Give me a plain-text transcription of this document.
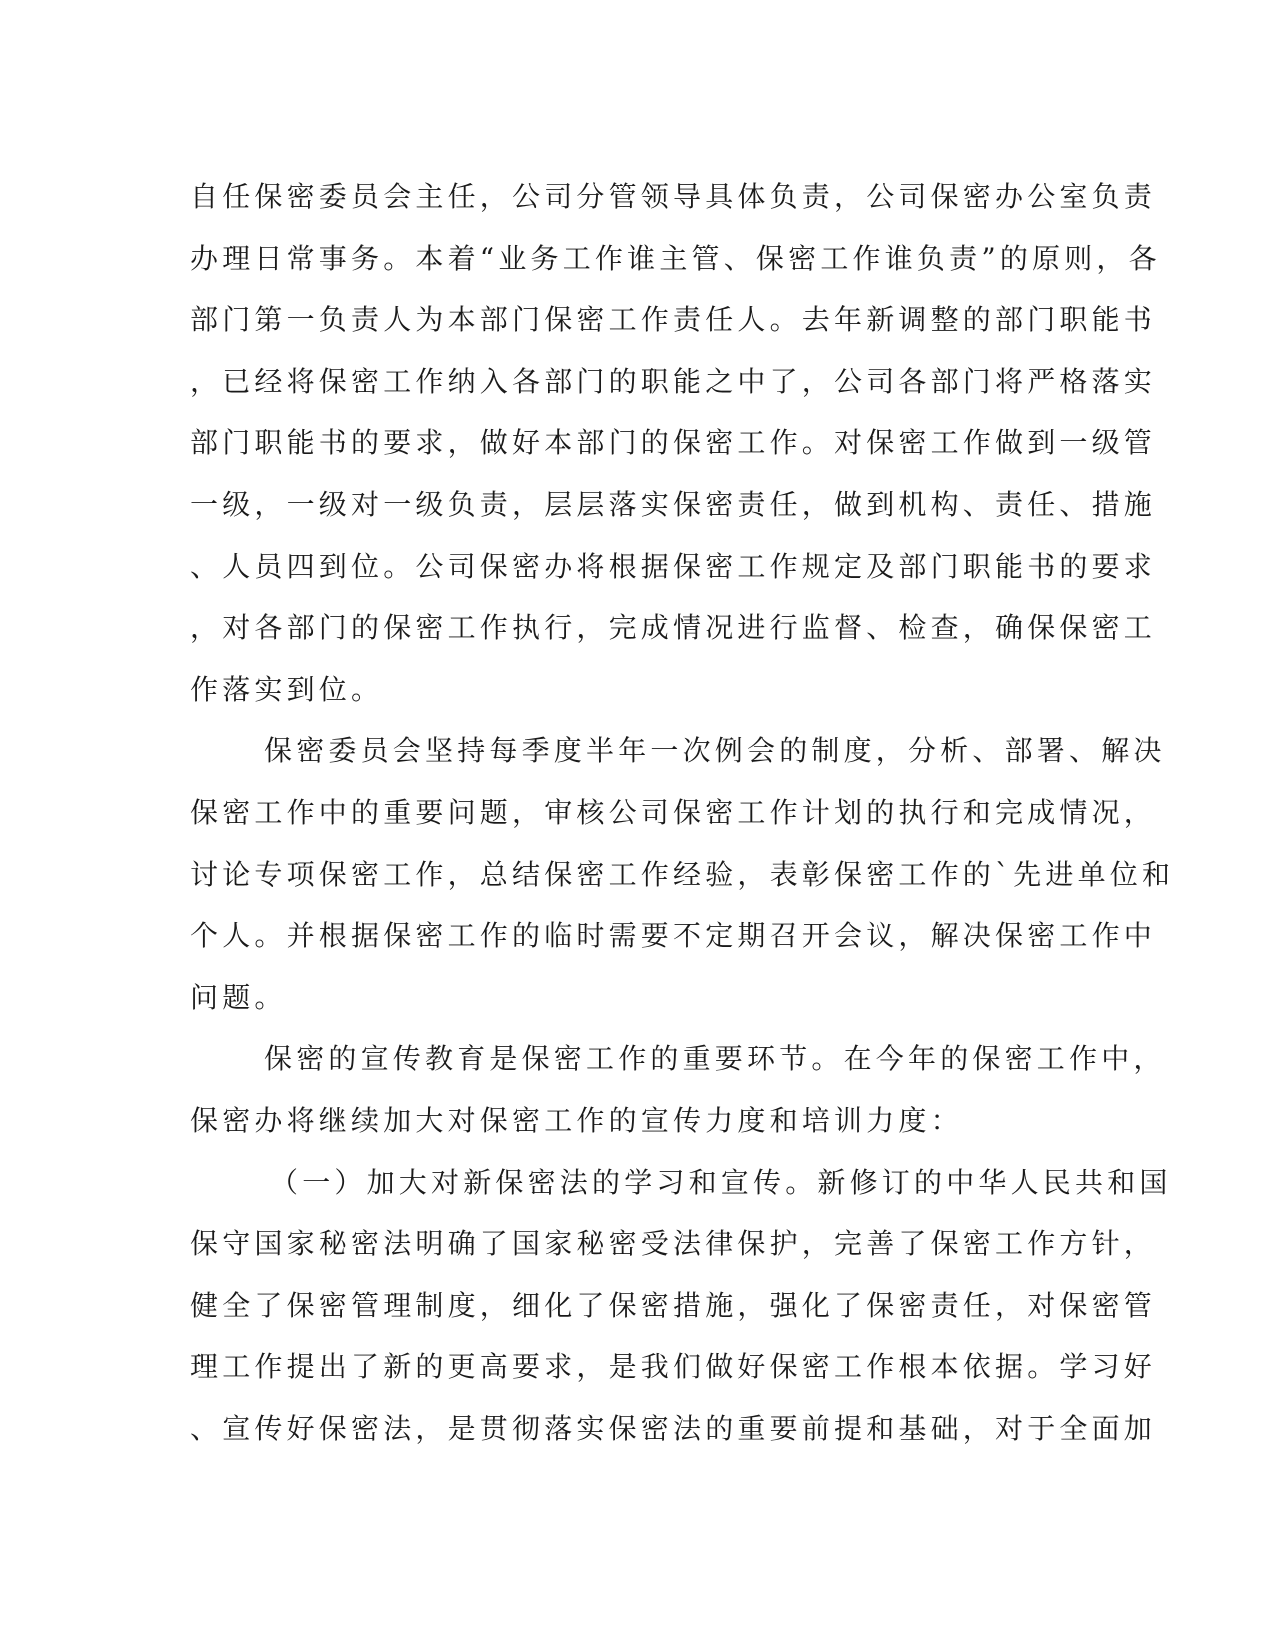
自任保密委员会主任，公司分管领导具体负责，公司保密办公室负责
办理日常事务。本着“业务工作谁主管、保密工作谁负责”的原则，各
部门第一负责人为本部门保密工作责任人。去年新调整的部门职能书
，已经将保密工作纳入各部门的职能之中了，公司各部门将严格落实
部门职能书的要求，做好本部门的保密工作。对保密工作做到一级管
一级，一级对一级负责，层层落实保密责任，做到机构、责任、措施
、人员四到位。公司保密办将根据保密工作规定及部门职能书的要求
，对各部门的保密工作执行，完成情况进行监督、检查，确保保密工
作落实到位。
保密委员会坚持每季度半年一次例会的制度，分析、部署、解决
保密工作中的重要问题，审核公司保密工作计划的执行和完成情况，
讨论专项保密工作，总结保密工作经验，表彰保密工作的`先进单位和
个人。并根据保密工作的临时需要不定期召开会议，解决保密工作中
问题。
保密的宣传教育是保密工作的重要环节。在今年的保密工作中，
保密办将继续加大对保密工作的宣传力度和培训力度：
（一）加大对新保密法的学习和宣传。新修订的中华人民共和国
保守国家秘密法明确了国家秘密受法律保护，完善了保密工作方针，
健全了保密管理制度，细化了保密措施，强化了保密责任，对保密管
理工作提出了新的更高要求，是我们做好保密工作根本依据。学习好
、宣传好保密法，是贯彻落实保密法的重要前提和基础，对于全面加
